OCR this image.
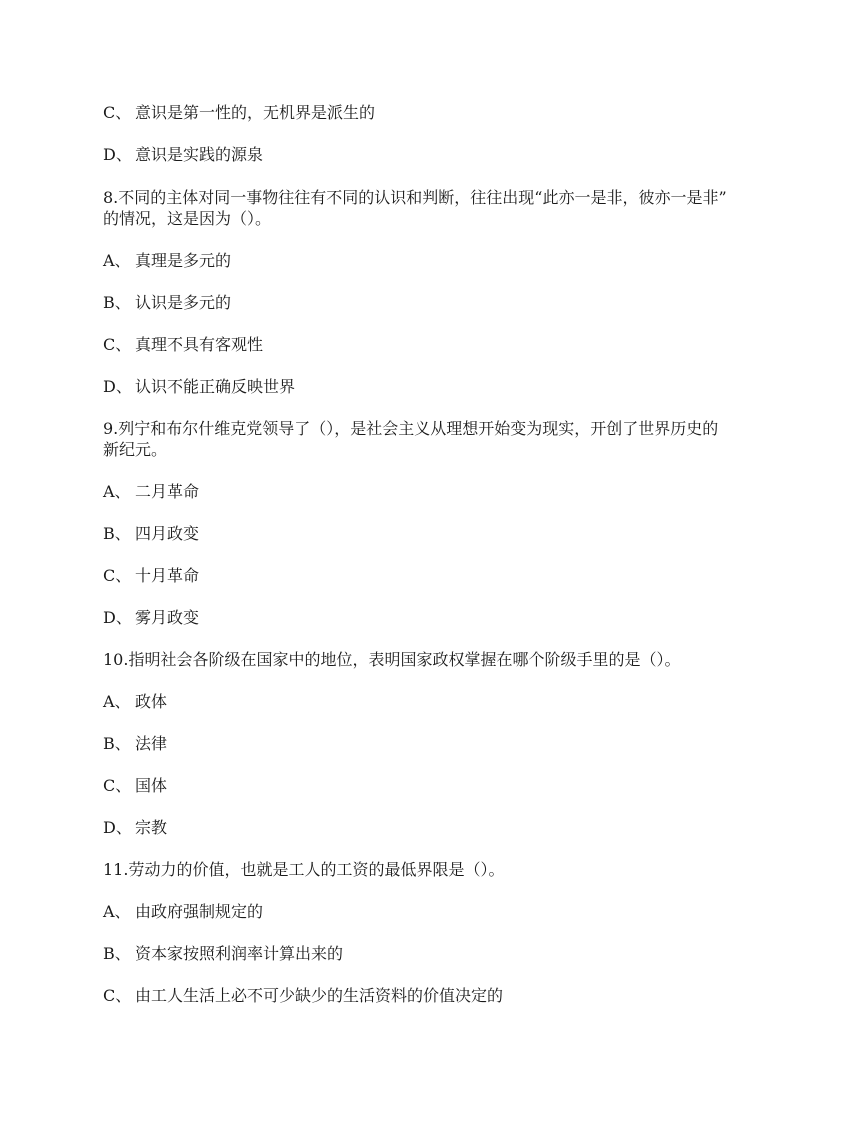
C、 意识是第一性的，无机界是派生的
D、 意识是实践的源泉
8.不同的主体对同一事物往往有不同的认识和判断，往往出现“此亦一是非，彼亦一是非”
的情况，这是因为（）。
A、 真理是多元的
B、 认识是多元的
C、 真理不具有客观性
D、 认识不能正确反映世界
9.列宁和布尔什维克党领导了（），是社会主义从理想开始变为现实，开创了世界历史的
新纪元。
A、 二月革命
B、 四月政变
C、 十月革命
D、 雾月政变
10.指明社会各阶级在国家中的地位，表明国家政权掌握在哪个阶级手里的是（）。
A、 政体
B、 法律
C、 国体
D、 宗教
11.劳动力的价值，也就是工人的工资的最低界限是（）。
A、 由政府强制规定的
B、 资本家按照利润率计算出来的
C、 由工人生活上必不可少缺少的生活资料的价值决定的
